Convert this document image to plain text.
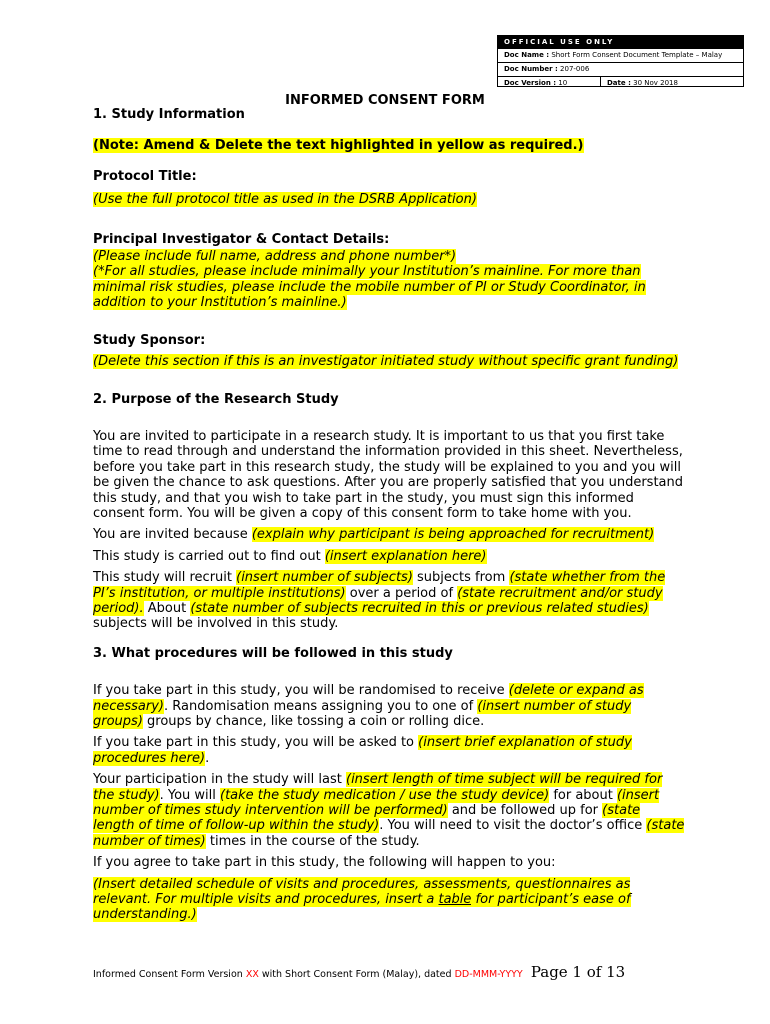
OFFICIAL USE ONLY
Doc Name : Short Form Consent Document Template – Malay
Doc Number : 207-006
Doc Version : 10	Date : 30 Nov 2018
INFORMED CONSENT FORM

1. Study Information

(Note: Amend & Delete the text highlighted in yellow as required.)

Protocol Title:

(Use the full protocol title as used in the DSRB Application)

Principal Investigator & Contact Details:

(Please include full name, address and phone number*)

(*For all studies, please include minimally your Institution’s mainline. For more than minimal risk studies, please include the mobile number of PI or Study Coordinator, in addition to your Institution’s mainline.)

Study Sponsor:

(Delete this section if this is an investigator initiated study without specific grant funding)

2. Purpose of the Research Study

You are invited to participate in a research study. It is important to us that you first take time to read through and understand the information provided in this sheet. Nevertheless, before you take part in this research study, the study will be explained to you and you will be given the chance to ask questions. After you are properly satisfied that you understand this study, and that you wish to take part in the study, you must sign this informed consent form. You will be given a copy of this consent form to take home with you.

You are invited because (explain why participant is being approached for recruitment)

This study is carried out to find out (insert explanation here)

This study will recruit (insert number of subjects) subjects from (state whether from the PI’s institution, or multiple institutions) over a period of (state recruitment and/or study period). About (state number of subjects recruited in this or previous related studies) subjects will be involved in this study.

3. What procedures will be followed in this study

If you take part in this study, you will be randomised to receive (delete or expand as necessary). Randomisation means assigning you to one of (insert number of study groups) groups by chance, like tossing a coin or rolling dice.

If you take part in this study, you will be asked to (insert brief explanation of study procedures here).

Your participation in the study will last (insert length of time subject will be required for the study). You will (take the study medication / use the study device) for about (insert number of times study intervention will be performed) and be followed up for (state length of time of follow-up within the study). You will need to visit the doctor’s office (state number of times) times in the course of the study.

If you agree to take part in this study, the following will happen to you:

(Insert detailed schedule of visits and procedures, assessments, questionnaires as relevant. For multiple visits and procedures, insert a table for participant’s ease of understanding.)

Informed Consent Form Version XX with Short Consent Form (Malay), dated DD-MMM-YYYY Page 1 of 13
